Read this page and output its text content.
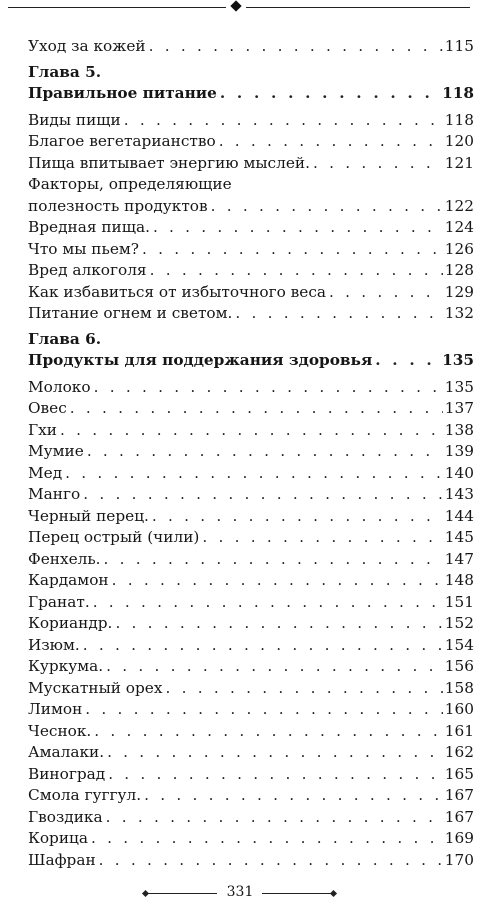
Уход за кожей . . .	115
Глава 5.
Правильное питание . . .	118
Виды пищи . . .	118
Благое вегетарианство . . .	120
Пища впитывает энергию мыслей. . . .	121
Факторы, определяющие
полезность продуктов . . .	122
Вредная пища. . . .	124
Что мы пьем? . . .	126
Вред алкоголя . . .	128
Как избавиться от избыточного веса . . .	129
Питание огнем и светом. . . .	132
Глава 6.
Продукты для поддержания здоровья . . .	135
Молоко . . .	135
Овес . . .	137
Гхи . . .	138
Мумие . . .	139
Мед . . .	140
Манго . . .	143
Черный перец. . . .	144
Перец острый (чили) . . .	145
Фенхель. . . .	147
Кардамон . . .	148
Гранат. . . .	151
Кориандр. . . .	152
Изюм. . . .	154
Куркума. . . .	156
Мускатный орех . . .	158
Лимон . . .	160
Чеснок. . . .	161
Амалаки. . . .	162
Виноград . . .	165
Смола гуггул. . . .	167
Гвоздика . . .	167
Корица . . .	169
Шафран . . .	170
331
